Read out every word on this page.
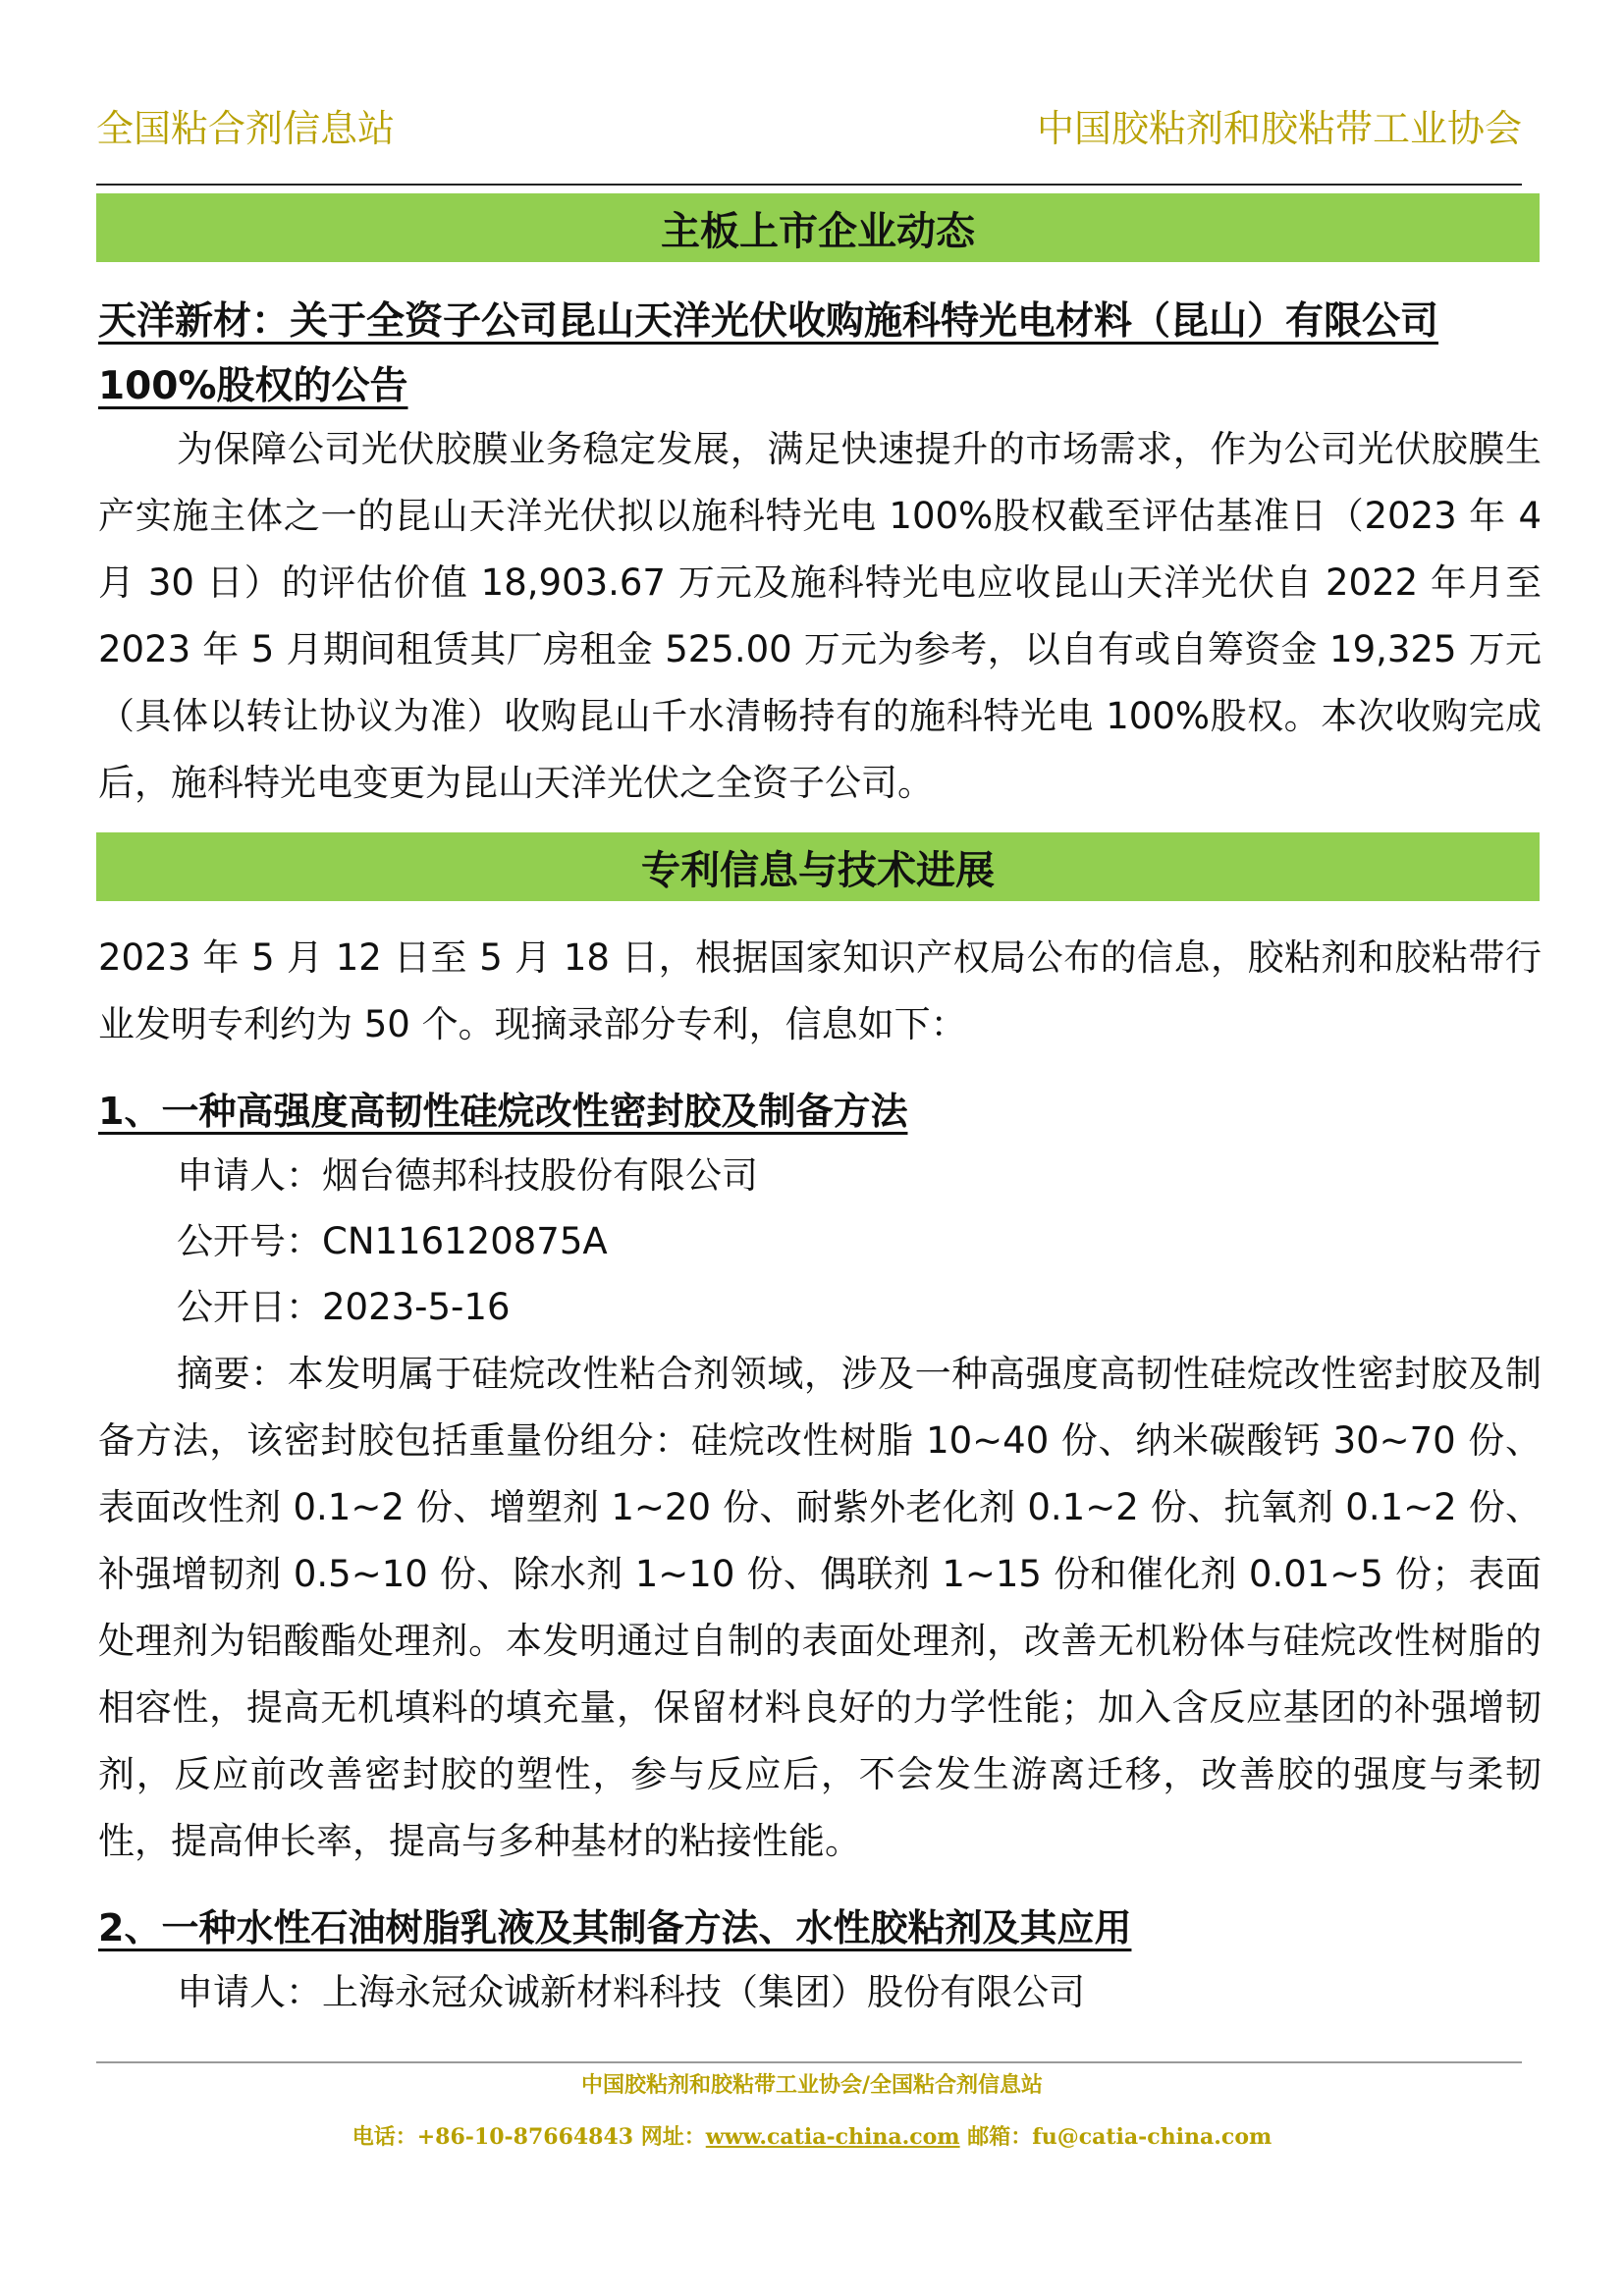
全国粘合剂信息站	中国胶粘剂和胶粘带工业协会
主板上市企业动态
天洋新材：关于全资子公司昆山天洋光伏收购施科特光电材料（昆山）有限公司 100%股权的公告
为保障公司光伏胶膜业务稳定发展，满足快速提升的市场需求，作为公司光伏胶膜生产实施主体之一的昆山天洋光伏拟以施科特光电 100%股权截至评估基准日（2023 年 4 月 30 日）的评估价值 18,903.67 万元及施科特光电应收昆山天洋光伏自 2022 年月至 2023 年 5 月期间租赁其厂房租金 525.00 万元为参考，以自有或自筹资金 19,325 万元（具体以转让协议为准）收购昆山千水清畅持有的施科特光电 100%股权。本次收购完成后，施科特光电变更为昆山天洋光伏之全资子公司。
专利信息与技术进展
2023 年 5 月 12 日至 5 月 18 日，根据国家知识产权局公布的信息，胶粘剂和胶粘带行业发明专利约为 50 个。现摘录部分专利，信息如下：
1、一种高强度高韧性硅烷改性密封胶及制备方法
申请人：烟台德邦科技股份有限公司
公开号：CN116120875A
公开日：2023-5-16
摘要：本发明属于硅烷改性粘合剂领域，涉及一种高强度高韧性硅烷改性密封胶及制备方法，该密封胶包括重量份组分：硅烷改性树脂 10~40 份、纳米碳酸钙 30~70 份、表面改性剂 0.1~2 份、增塑剂 1~20 份、耐紫外老化剂 0.1~2 份、抗氧剂 0.1~2 份、补强增韧剂 0.5~10 份、除水剂 1~10 份、偶联剂 1~15 份和催化剂 0.01~5 份；表面处理剂为铝酸酯处理剂。本发明通过自制的表面处理剂，改善无机粉体与硅烷改性树脂的相容性，提高无机填料的填充量，保留材料良好的力学性能；加入含反应基团的补强增韧剂，反应前改善密封胶的塑性，参与反应后，不会发生游离迁移，改善胶的强度与柔韧性，提高伸长率，提高与多种基材的粘接性能。
2、一种水性石油树脂乳液及其制备方法、水性胶粘剂及其应用
申请人：上海永冠众诚新材料科技（集团）股份有限公司
中国胶粘剂和胶粘带工业协会/全国粘合剂信息站
电话：+86-10-87664843 网址：www.catia-china.com 邮箱：fu@catia-china.com
